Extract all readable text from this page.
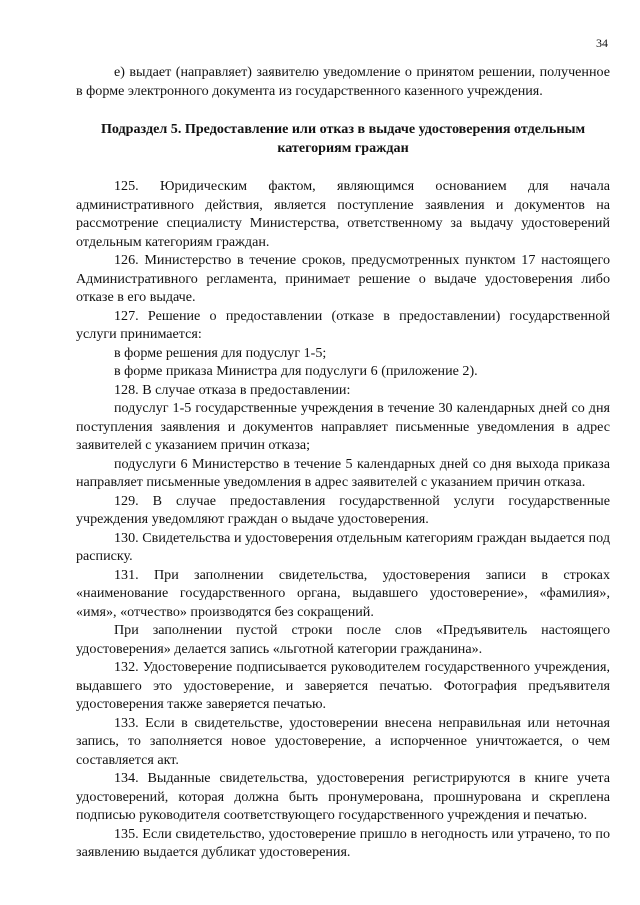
34

е) выдает (направляет) заявителю уведомление о принятом решении, полученное в форме электронного документа из государственного казенного учреждения.

Подраздел 5. Предоставление или отказ в выдаче удостоверения отдельным категориям граждан

125. Юридическим фактом, являющимся основанием для начала административного действия, является поступление заявления и документов на рассмотрение специалисту Министерства, ответственному за выдачу удостоверений отдельным категориям граждан.

126. Министерство в течение сроков, предусмотренных пунктом 17 настоящего Административного регламента, принимает решение о выдаче удостоверения либо отказе в его выдаче.

127. Решение о предоставлении (отказе в предоставлении) государственной услуги принимается:

в форме решения для подуслуг 1-5;

в форме приказа Министра для подуслуги 6 (приложение 2).

128. В случае отказа в предоставлении:

подуслуг 1-5 государственные учреждения в течение 30 календарных дней со дня поступления заявления и документов направляет письменные уведомления в адрес заявителей с указанием причин отказа;

подуслуги 6 Министерство в течение 5 календарных дней со дня выхода приказа направляет письменные уведомления в адрес заявителей с указанием причин отказа.

129. В случае предоставления государственной услуги государственные учреждения уведомляют граждан о выдаче удостоверения.

130. Свидетельства и удостоверения отдельным категориям граждан выдается под расписку.

131. При заполнении свидетельства, удостоверения записи в строках «наименование государственного органа, выдавшего удостоверение», «фамилия», «имя», «отчество» производятся без сокращений.

При заполнении пустой строки после слов «Предъявитель настоящего удостоверения» делается запись «льготной категории гражданина».

132. Удостоверение подписывается руководителем государственного учреждения, выдавшего это удостоверение, и заверяется печатью. Фотография предъявителя удостоверения также заверяется печатью.

133. Если в свидетельстве, удостоверении внесена неправильная или неточная запись, то заполняется новое удостоверение, а испорченное уничтожается, о чем составляется акт.

134. Выданные свидетельства, удостоверения регистрируются в книге учета удостоверений, которая должна быть пронумерована, прошнурована и скреплена подписью руководителя соответствующего государственного учреждения и печатью.

135. Если свидетельство, удостоверение пришло в негодность или утрачено, то по заявлению выдается дубликат удостоверения.
